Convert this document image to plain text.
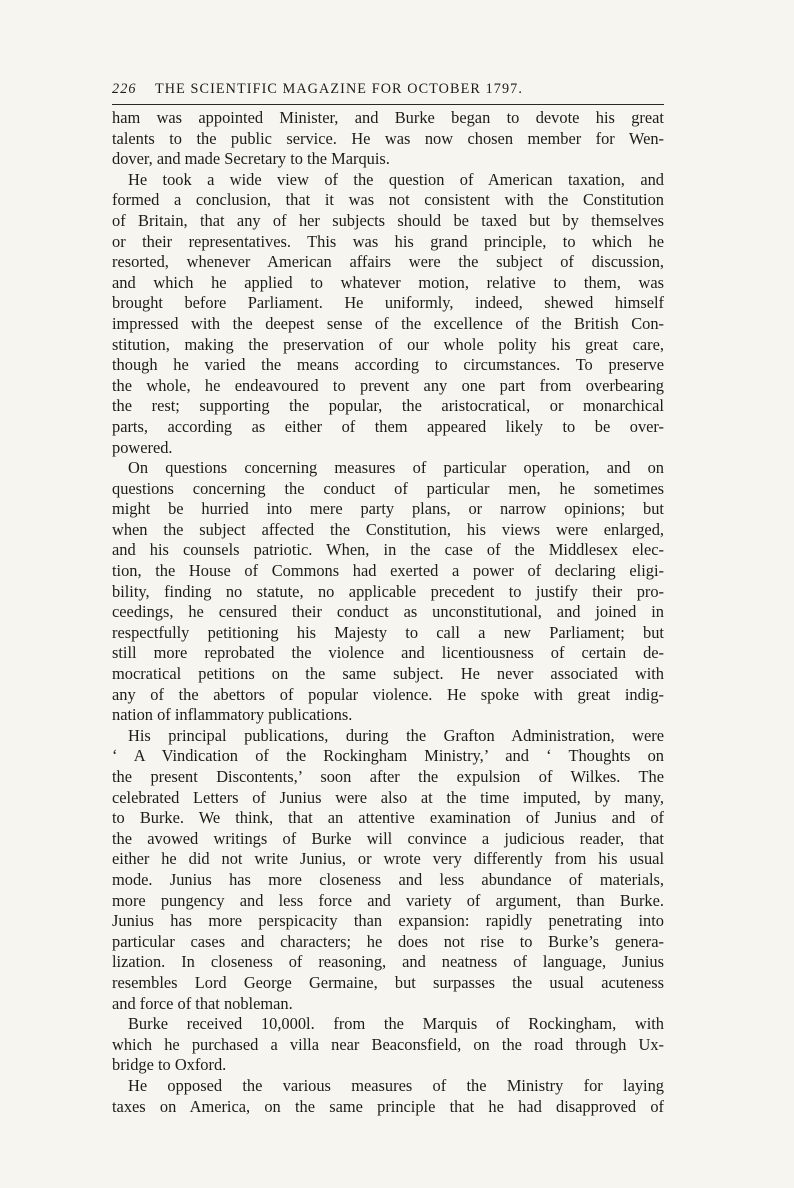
226 THE SCIENTIFIC MAGAZINE FOR OCTOBER 1797.
ham was appointed Minister, and Burke began to devote his great
talents to the public service. He was now chosen member for Wen-
dover, and made Secretary to the Marquis.
He took a wide view of the question of American taxation, and
formed a conclusion, that it was not consistent with the Constitution
of Britain, that any of her subjects should be taxed but by themselves
or their representatives. This was his grand principle, to which he
resorted, whenever American affairs were the subject of discussion,
and which he applied to whatever motion, relative to them, was
brought before Parliament. He uniformly, indeed, shewed himself
impressed with the deepest sense of the excellence of the British Con-
stitution, making the preservation of our whole polity his great care,
though he varied the means according to circumstances. To preserve
the whole, he endeavoured to prevent any one part from overbearing
the rest; supporting the popular, the aristocratical, or monarchical
parts, according as either of them appeared likely to be over-
powered.
On questions concerning measures of particular operation, and on
questions concerning the conduct of particular men, he sometimes
might be hurried into mere party plans, or narrow opinions; but
when the subject affected the Constitution, his views were enlarged,
and his counsels patriotic. When, in the case of the Middlesex elec-
tion, the House of Commons had exerted a power of declaring eligi-
bility, finding no statute, no applicable precedent to justify their pro-
ceedings, he censured their conduct as unconstitutional, and joined in
respectfully petitioning his Majesty to call a new Parliament; but
still more reprobated the violence and licentiousness of certain de-
mocratical petitions on the same subject. He never associated with
any of the abettors of popular violence. He spoke with great indig-
nation of inflammatory publications.
His principal publications, during the Grafton Administration, were
‘ A Vindication of the Rockingham Ministry,’ and ‘ Thoughts on
the present Discontents,’ soon after the expulsion of Wilkes. The
celebrated Letters of Junius were also at the time imputed, by many,
to Burke. We think, that an attentive examination of Junius and of
the avowed writings of Burke will convince a judicious reader, that
either he did not write Junius, or wrote very differently from his usual
mode. Junius has more closeness and less abundance of materials,
more pungency and less force and variety of argument, than Burke.
Junius has more perspicacity than expansion: rapidly penetrating into
particular cases and characters; he does not rise to Burke’s genera-
lization. In closeness of reasoning, and neatness of language, Junius
resembles Lord George Germaine, but surpasses the usual acuteness
and force of that nobleman.
Burke received 10,000l. from the Marquis of Rockingham, with
which he purchased a villa near Beaconsfield, on the road through Ux-
bridge to Oxford.
He opposed the various measures of the Ministry for laying
taxes on America, on the same principle that he had disapproved of
